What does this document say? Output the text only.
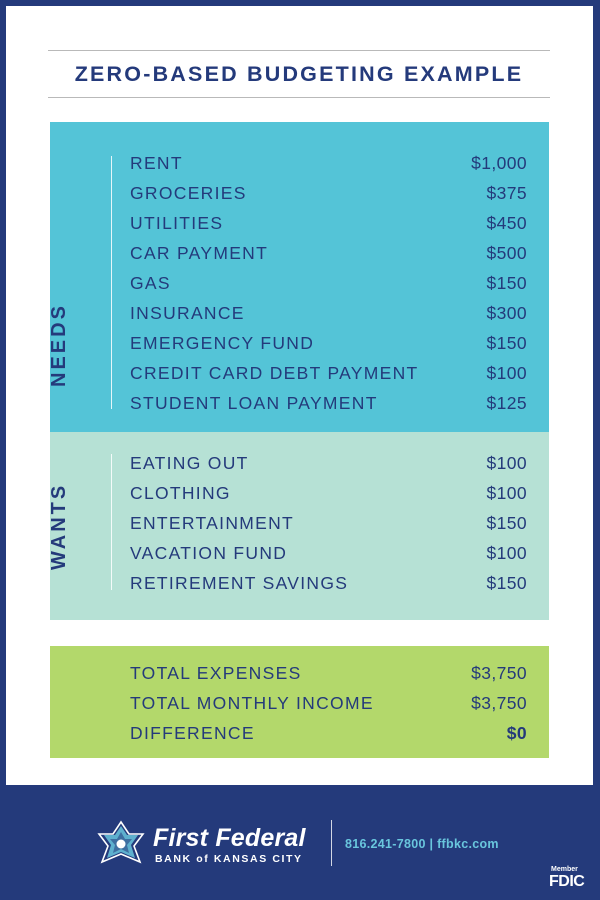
ZERO-BASED BUDGETING EXAMPLE
NEEDS
RENT	$1,000
GROCERIES	$375
UTILITIES	$450
CAR PAYMENT	$500
GAS	$150
INSURANCE	$300
EMERGENCY FUND	$150
CREDIT CARD DEBT PAYMENT	$100
STUDENT LOAN PAYMENT	$125
WANTS
EATING OUT	$100
CLOTHING	$100
ENTERTAINMENT	$150
VACATION FUND	$100
RETIREMENT SAVINGS	$150
TOTAL EXPENSES	$3,750
TOTAL MONTHLY INCOME	$3,750
DIFFERENCE	$0
First Federal
BANK of KANSAS CITY
816.241-7800 | ffbkc.com
Member
FDIC
